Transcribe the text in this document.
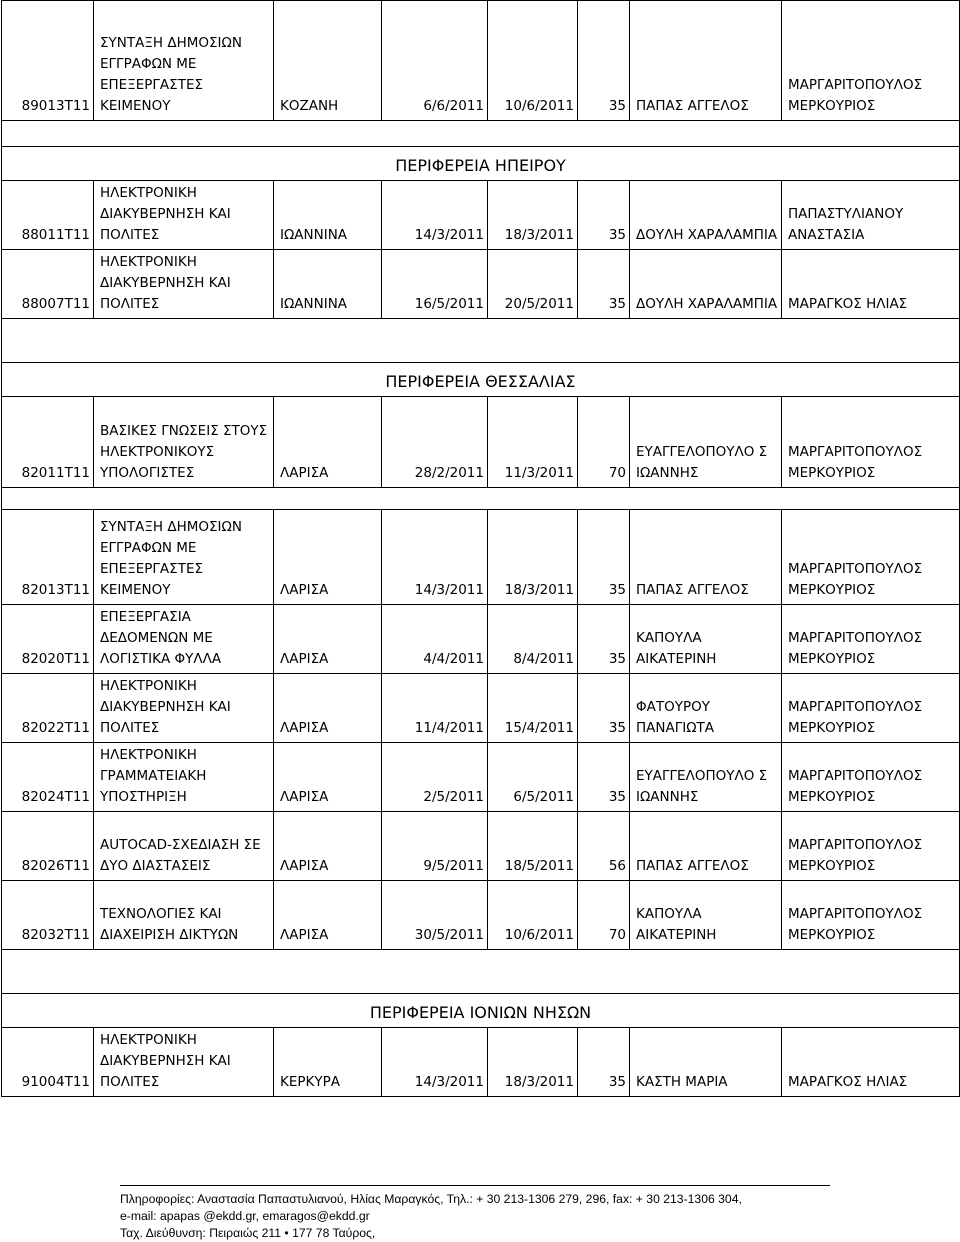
89013T11	ΣΥΝΤΑΞΗ ΔΗΜΟΣΙΩΝ ΕΓΓΡΑΦΩΝ ΜΕ ΕΠΕΞΕΡΓΑΣΤΕΣ ΚΕΙΜΕΝΟΥ	ΚΟΖΑΝΗ	6/6/2011	10/6/2011	35	ΠΑΠΑΣ ΑΓΓΕΛΟΣ	ΜΑΡΓΑΡΙΤΟΠΟΥΛΟΣ ΜΕΡΚΟΥΡΙΟΣ

ΠΕΡΙΦΕΡΕΙΑ ΗΠΕΙΡΟΥ							

88011T11	ΗΛΕΚΤΡΟΝΙΚΗ ΔΙΑΚΥΒΕΡΝΗΣΗ ΚΑΙ ΠΟΛΙΤΕΣ	ΙΩΑΝΝΙΝΑ	14/3/2011	18/3/2011	35	ΔΟΥΛΗ ΧΑΡΑΛΑΜΠΙΑ	ΠΑΠΑΣΤΥΛΙΑΝΟΥ ΑΝΑΣΤΑΣΙΑ
88007T11	ΗΛΕΚΤΡΟΝΙΚΗ ΔΙΑΚΥΒΕΡΝΗΣΗ ΚΑΙ ΠΟΛΙΤΕΣ	ΙΩΑΝΝΙΝΑ	16/5/2011	20/5/2011	35	ΔΟΥΛΗ ΧΑΡΑΛΑΜΠΙΑ	ΜΑΡΑΓΚΟΣ ΗΛΙΑΣ

ΠΕΡΙΦΕΡΕΙΑ ΘΕΣΣΑΛΙΑΣ							

82011T11	ΒΑΣΙΚΕΣ ΓΝΩΣΕΙΣ ΣΤΟΥΣ ΗΛΕΚΤΡΟΝΙΚΟΥΣ ΥΠΟΛΟΓΙΣΤΕΣ	ΛΑΡΙΣΑ	28/2/2011	11/3/2011	70	ΕΥΑΓΓΕΛΟΠΟΥΛΟ Σ ΙΩΑΝΝΗΣ	ΜΑΡΓΑΡΙΤΟΠΟΥΛΟΣ ΜΕΡΚΟΥΡΙΟΣ

82013T11	ΣΥΝΤΑΞΗ ΔΗΜΟΣΙΩΝ ΕΓΓΡΑΦΩΝ ΜΕ ΕΠΕΞΕΡΓΑΣΤΕΣ ΚΕΙΜΕΝΟΥ	ΛΑΡΙΣΑ	14/3/2011	18/3/2011	35	ΠΑΠΑΣ ΑΓΓΕΛΟΣ	ΜΑΡΓΑΡΙΤΟΠΟΥΛΟΣ ΜΕΡΚΟΥΡΙΟΣ
82020T11	ΕΠΕΞΕΡΓΑΣΙΑ ΔΕΔΟΜΕΝΩΝ ΜΕ ΛΟΓΙΣΤΙΚΑ ΦΥΛΛΑ	ΛΑΡΙΣΑ	4/4/2011	8/4/2011	35	ΚΑΠΟΥΛΑ ΑΙΚΑΤΕΡΙΝΗ	ΜΑΡΓΑΡΙΤΟΠΟΥΛΟΣ ΜΕΡΚΟΥΡΙΟΣ
82022T11	ΗΛΕΚΤΡΟΝΙΚΗ ΔΙΑΚΥΒΕΡΝΗΣΗ ΚΑΙ ΠΟΛΙΤΕΣ	ΛΑΡΙΣΑ	11/4/2011	15/4/2011	35	ΦΑΤΟΥΡΟΥ ΠΑΝΑΓΙΩΤΑ	ΜΑΡΓΑΡΙΤΟΠΟΥΛΟΣ ΜΕΡΚΟΥΡΙΟΣ
82024T11	ΗΛΕΚΤΡΟΝΙΚΗ ΓΡΑΜΜΑΤΕΙΑΚΗ ΥΠΟΣΤΗΡΙΞΗ	ΛΑΡΙΣΑ	2/5/2011	6/5/2011	35	ΕΥΑΓΓΕΛΟΠΟΥΛΟ Σ ΙΩΑΝΝΗΣ	ΜΑΡΓΑΡΙΤΟΠΟΥΛΟΣ ΜΕΡΚΟΥΡΙΟΣ
82026T11	AUTOCAD-ΣΧΕΔΙΑΣΗ ΣΕ ΔΥΟ ΔΙΑΣΤΑΣΕΙΣ	ΛΑΡΙΣΑ	9/5/2011	18/5/2011	56	ΠΑΠΑΣ ΑΓΓΕΛΟΣ	ΜΑΡΓΑΡΙΤΟΠΟΥΛΟΣ ΜΕΡΚΟΥΡΙΟΣ
82032T11	ΤΕΧΝΟΛΟΓΙΕΣ ΚΑΙ ΔΙΑΧΕΙΡΙΣΗ ΔΙΚΤΥΩΝ	ΛΑΡΙΣΑ	30/5/2011	10/6/2011	70	ΚΑΠΟΥΛΑ ΑΙΚΑΤΕΡΙΝΗ	ΜΑΡΓΑΡΙΤΟΠΟΥΛΟΣ ΜΕΡΚΟΥΡΙΟΣ

ΠΕΡΙΦΕΡΕΙΑ ΙΟΝΙΩΝ ΝΗΣΩΝ							

91004T11	ΗΛΕΚΤΡΟΝΙΚΗ ΔΙΑΚΥΒΕΡΝΗΣΗ ΚΑΙ ΠΟΛΙΤΕΣ	ΚΕΡΚΥΡΑ	14/3/2011	18/3/2011	35	ΚΑΣΤΗ ΜΑΡΙΑ	ΜΑΡΑΓΚΟΣ ΗΛΙΑΣ
Πληροφορίες: Αναστασία Παπαστυλιανού, Ηλίας Μαραγκός, Τηλ.: + 30 213-1306 279, 296, fax: + 30 213-1306 304,
e-mail: apapas @ekdd.gr, emaragos@ekdd.gr
Ταχ. Διεύθυνση: Πειραιώς 211 • 177 78 Ταύρος,
